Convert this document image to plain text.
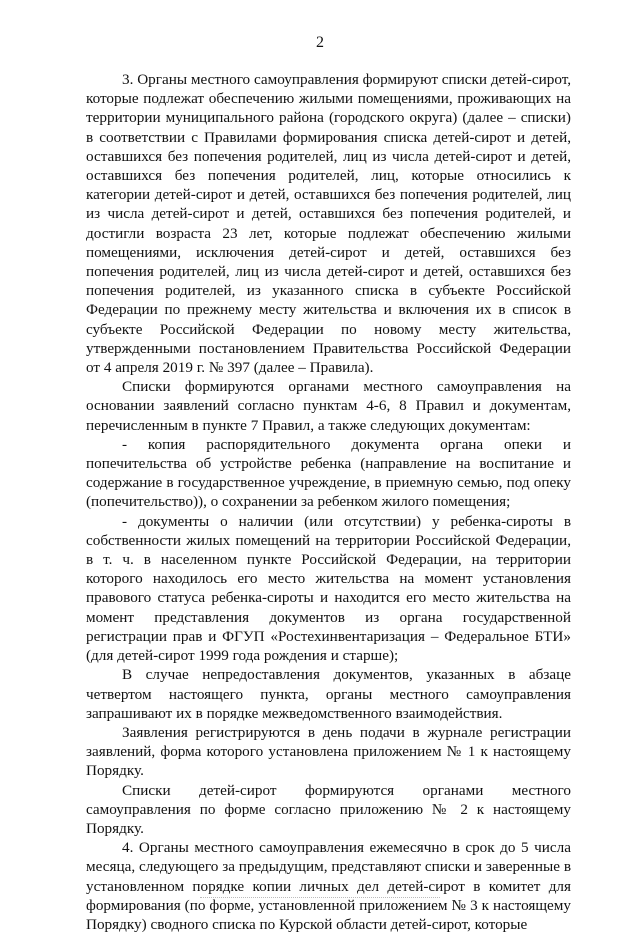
2

3. Органы местного самоуправления формируют списки детей-сирот, которые подлежат обеспечению жилыми помещениями, проживающих на территории муниципального района (городского округа) (далее – списки) в соответствии с Правилами формирования списка детей-сирот и детей, оставшихся без попечения родителей, лиц из числа детей-сирот и детей, оставшихся без попечения родителей, лиц, которые относились к категории детей-сирот и детей, оставшихся без попечения родителей, лиц из числа детей-сирот и детей, оставшихся без попечения родителей, и достигли возраста 23 лет, которые подлежат обеспечению жилыми помещениями, исключения детей-сирот и детей, оставшихся без попечения родителей, лиц из числа детей-сирот и детей, оставшихся без попечения родителей, из указанного списка в субъекте Российской Федерации по прежнему месту жительства и включения их в список в субъекте Российской Федерации по новому месту жительства, утвержденными постановлением Правительства Российской Федерации от 4 апреля 2019 г. № 397 (далее – Правила).

Списки формируются органами местного самоуправления на основании заявлений согласно пунктам 4-6, 8 Правил и документам, перечисленным в пункте 7 Правил, а также следующих документам:

- копия распорядительного документа органа опеки и попечительства об устройстве ребенка (направление на воспитание и содержание в государственное учреждение, в приемную семью, под опеку (попечительство)), о сохранении за ребенком жилого помещения;

- документы о наличии (или отсутствии) у ребенка-сироты в собственности жилых помещений на территории Российской Федерации, в т. ч. в населенном пункте Российской Федерации, на территории которого находилось его место жительства на момент установления правового статуса ребенка-сироты и находится его место жительства на момент представления документов из органа государственной регистрации прав и ФГУП «Ростехинвентаризация – Федеральное БТИ» (для детей-сирот 1999 года рождения и старше);

В случае непредоставления документов, указанных в абзаце четвертом настоящего пункта, органы местного самоуправления запрашивают их в порядке межведомственного взаимодействия.

Заявления регистрируются в день подачи в журнале регистрации заявлений, форма которого установлена приложением № 1 к настоящему Порядку.

Списки детей-сирот формируются органами местного самоуправления по форме согласно приложению № 2 к настоящему Порядку.

4. Органы местного самоуправления ежемесячно в срок до 5 числа месяца, следующего за предыдущим, представляют списки и заверенные в установленном порядке копии личных дел детей-сирот в комитет для формирования (по форме, установленной приложением № 3 к настоящему Порядку) сводного списка по Курской области детей-сирот, которые
